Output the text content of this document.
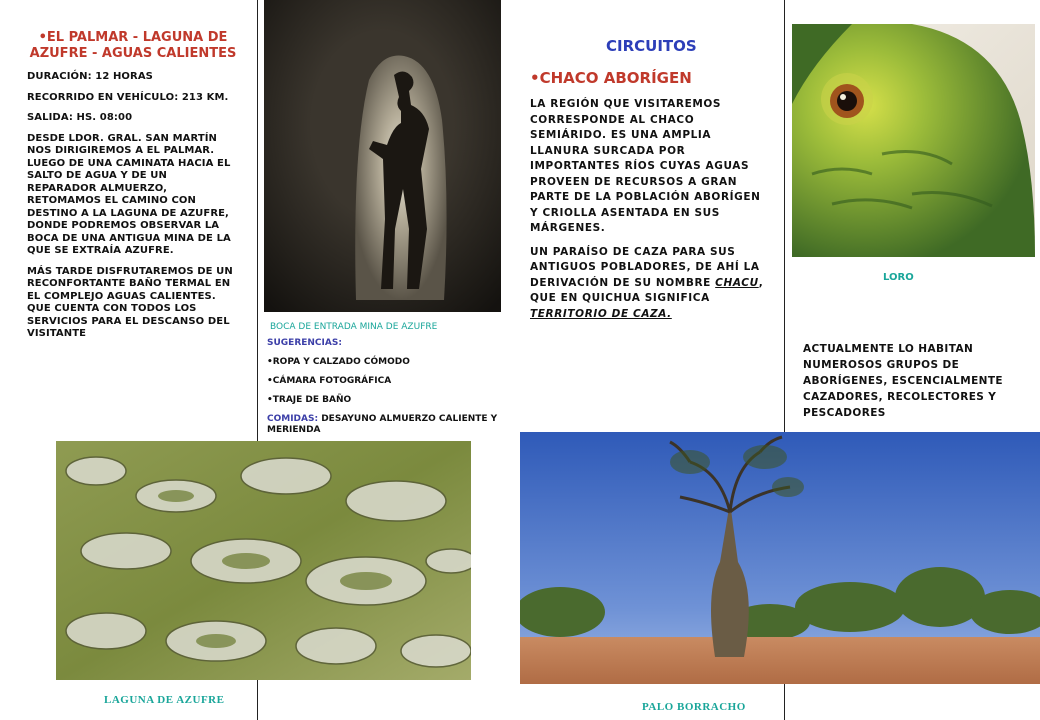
•EL PALMAR - LAGUNA DE AZUFRE - AGUAS CALIENTES
DURACIÓN: 12 HORAS
RECORRIDO EN VEHÍCULO: 213 KM.
SALIDA: HS. 08:00
DESDE LDOR. GRAL. SAN MARTÍN NOS DIRIGIREMOS A EL PALMAR. LUEGO DE UNA CAMINATA HACIA EL SALTO DE AGUA Y DE UN REPARADOR ALMUERZO, RETOMAMOS EL CAMINO CON DESTINO A LA LAGUNA DE AZUFRE, DONDE PODREMOS OBSERVAR LA BOCA DE UNA ANTIGUA MINA DE LA QUE SE EXTRAÍA AZUFRE.
MÁS TARDE DISFRUTAREMOS DE UN RECONFORTANTE BAÑO TERMAL EN EL COMPLEJO AGUAS CALIENTES. QUE CUENTA CON TODOS LOS SERVICIOS PARA EL DESCANSO DEL VISITANTE
BOCA DE ENTRADA MINA DE AZUFRE
SUGERENCIAS:
•ROPA Y CALZADO CÓMODO
•CÁMARA FOTOGRÁFICA
•TRAJE DE BAÑO
COMIDAS: DESAYUNO ALMUERZO CALIENTE Y MERIENDA
CIRCUITOS
•CHACO ABORÍGEN
LA REGIÓN QUE VISITAREMOS CORRESPONDE AL CHACO SEMIÁRIDO. ES UNA AMPLIA LLANURA SURCADA POR IMPORTANTES RÍOS CUYAS AGUAS PROVEEN DE RECURSOS A GRAN PARTE DE LA POBLACIÓN ABORÍGEN Y CRIOLLA ASENTADA EN SUS MÁRGENES.
UN PARAÍSO DE CAZA PARA SUS ANTIGUOS POBLADORES, DE AHÍ LA DERIVACIÓN DE SU NOMBRE CHACU, QUE EN QUICHUA SIGNIFICA TERRITORIO DE CAZA.
LORO
ACTUALMENTE LO HABITAN NUMEROSOS GRUPOS DE ABORÍGENES, ESCENCIALMENTE CAZADORES, RECOLECTORES Y PESCADORES
LAGUNA DE AZUFRE
PALO BORRACHO
